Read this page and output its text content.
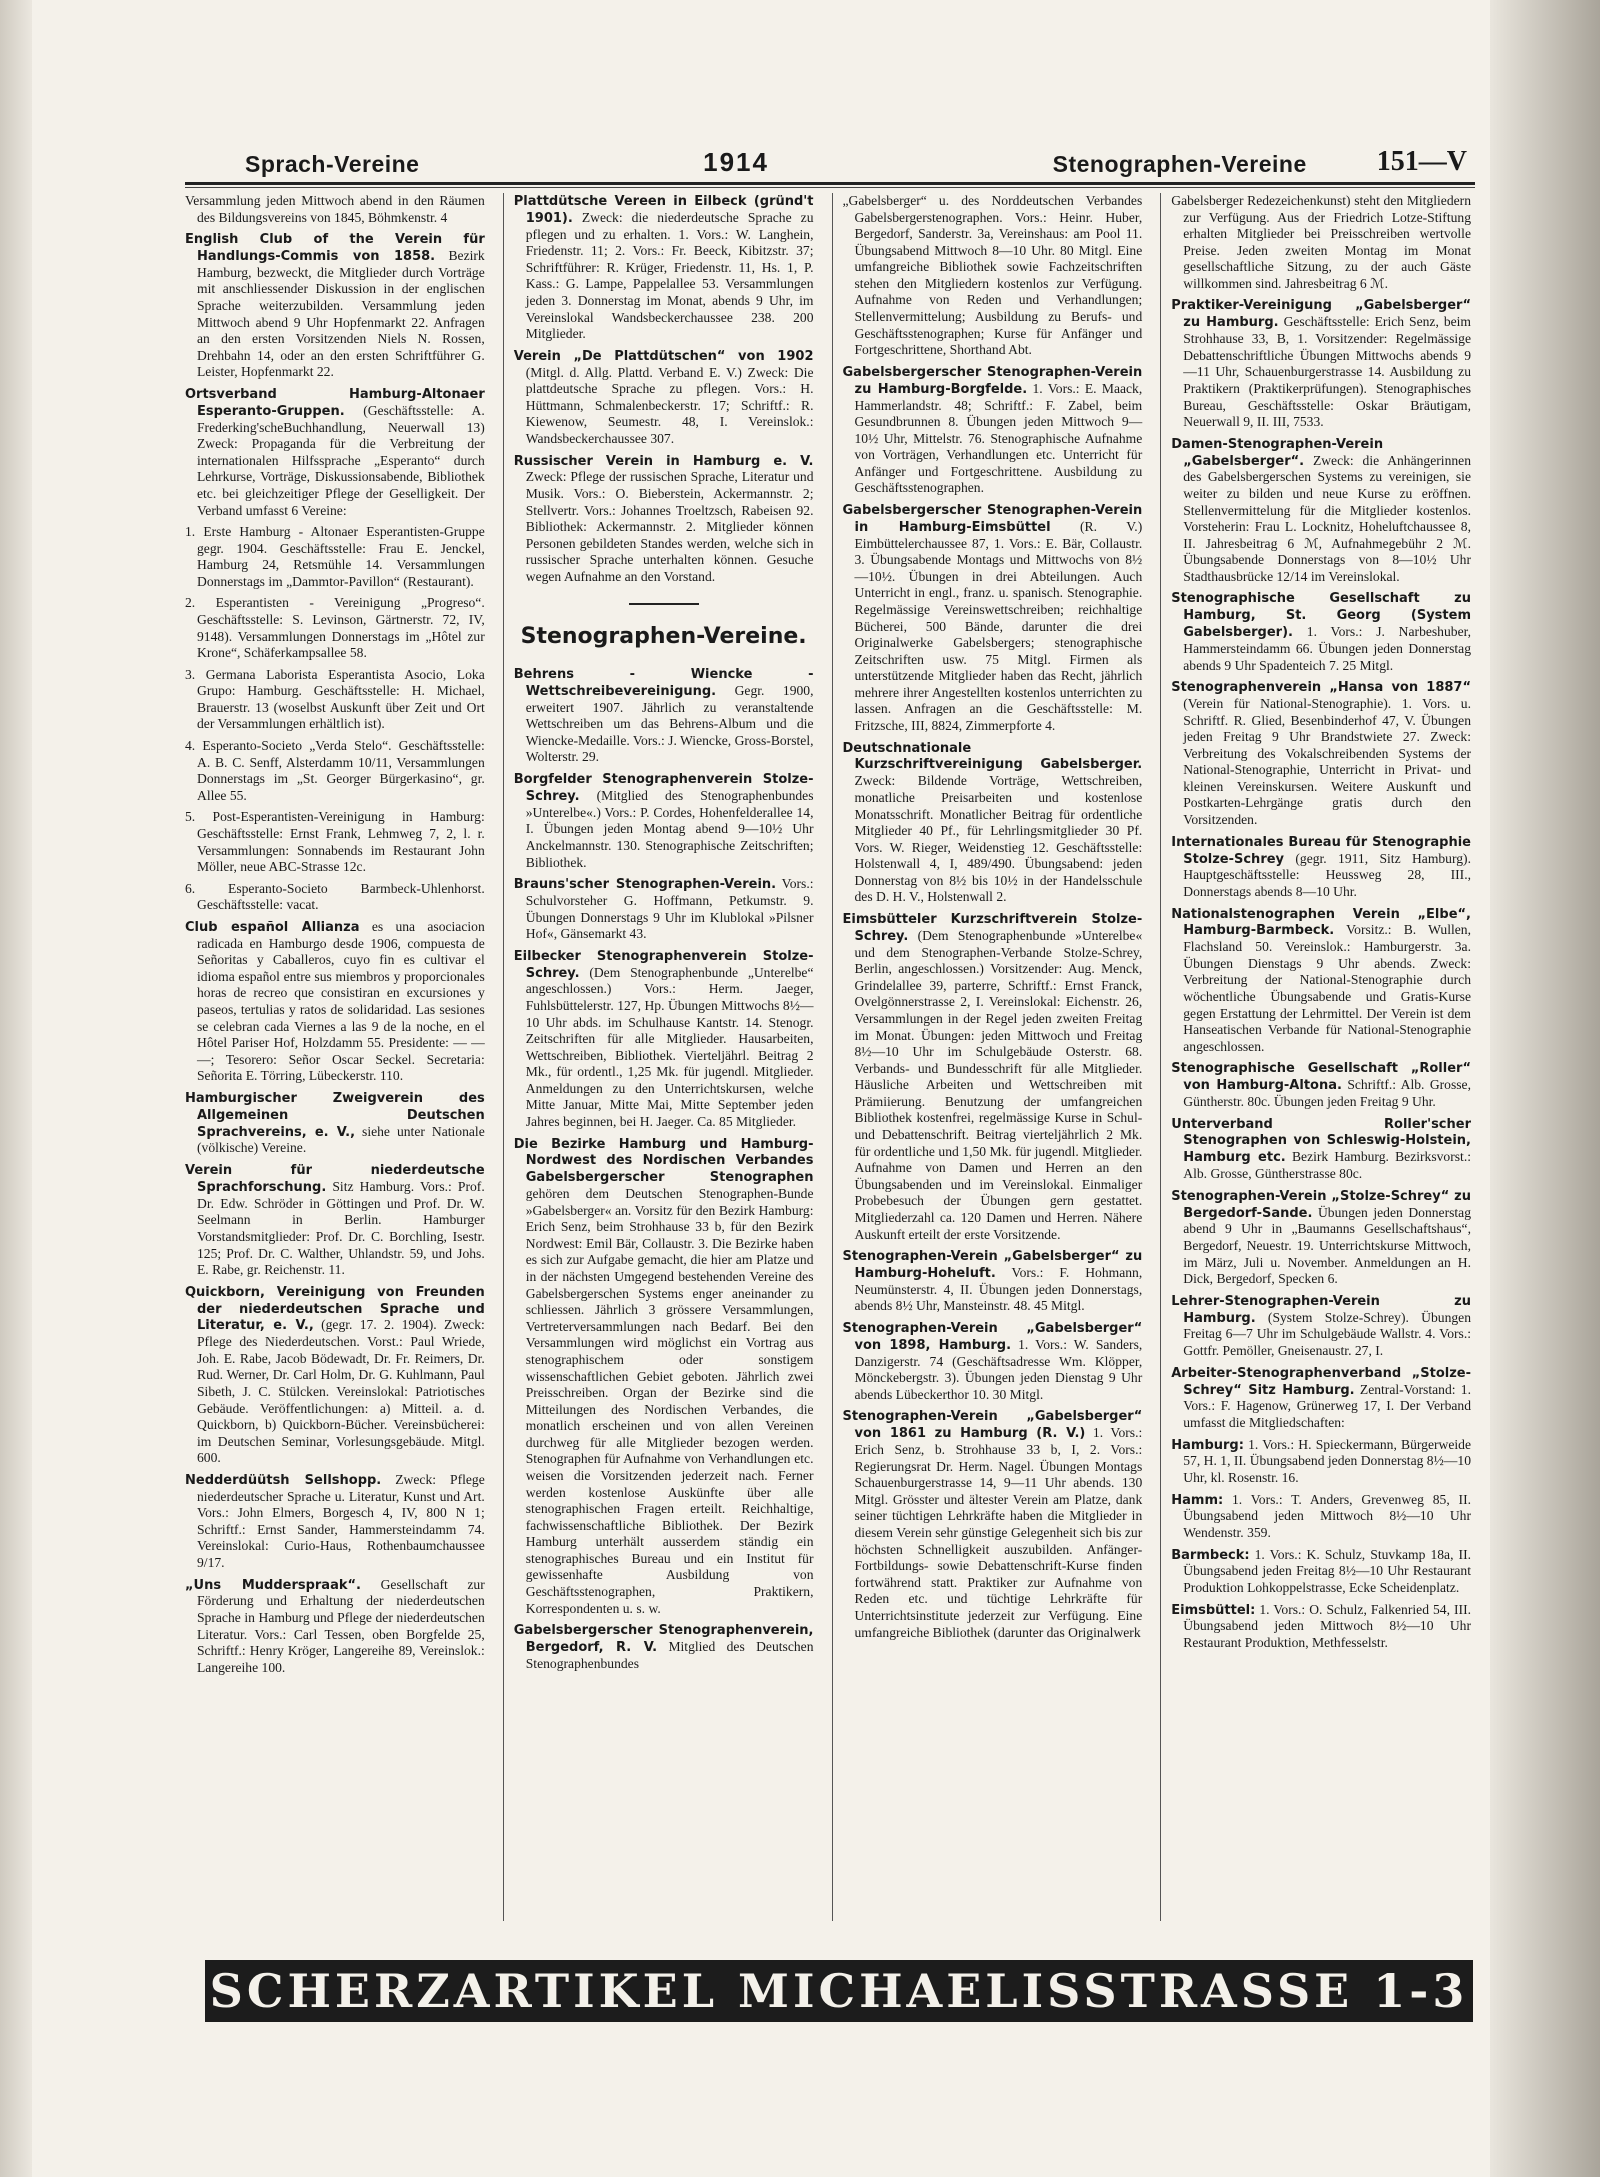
Sprach-Vereine	1914	Stenographen-Vereine	151—V
Versammlung jeden Mittwoch abend in den Räumen des Bildungsvereins von 1845, Böhmkenstr. 4
English Club of the Verein für Handlungs-Commis von 1858. Bezirk Hamburg, bezweckt, die Mitglieder durch Vorträge mit anschliessender Diskussion in der englischen Sprache weiterzubilden. Versammlung jeden Mittwoch abend 9 Uhr Hopfenmarkt 22. Anfragen an den ersten Vorsitzenden Niels N. Rossen, Drehbahn 14, oder an den ersten Schriftführer G. Leister, Hopfenmarkt 22.
Ortsverband Hamburg-Altonaer Esperanto-Gruppen. (Geschäftsstelle: A. Frederking'scheBuchhandlung, Neuerwall 13) Zweck: Propaganda für die Verbreitung der internationalen Hilfssprache „Esperanto“ durch Lehrkurse, Vorträge, Diskussionsabende, Bibliothek etc. bei gleichzeitiger Pflege der Geselligkeit. Der Verband umfasst 6 Vereine:
1. Erste Hamburg - Altonaer Esperantisten-Gruppe gegr. 1904. Geschäftsstelle: Frau E. Jenckel, Hamburg 24, Retsmühle 14. Versammlungen Donnerstags im „Dammtor-Pavillon“ (Restaurant).
2. Esperantisten - Vereinigung „Progreso“. Geschäftsstelle: S. Levinson, Gärtnerstr. 72, IV, 9148). Versammlungen Donnerstags im „Hôtel zur Krone“, Schäferkampsallee 58.
3. Germana Laborista Esperantista Asocio, Loka Grupo: Hamburg. Geschäftsstelle: H. Michael, Brauerstr. 13 (woselbst Auskunft über Zeit und Ort der Versammlungen erhältlich ist).
4. Esperanto-Societo „Verda Stelo“. Geschäftsstelle: A. B. C. Senff, Alsterdamm 10/11, Versammlungen Donnerstags im „St. Georger Bürgerkasino“, gr. Allee 55.
5. Post-Esperantisten-Vereinigung in Hamburg: Geschäftsstelle: Ernst Frank, Lehmweg 7, 2, l. r. Versammlungen: Sonnabends im Restaurant John Möller, neue ABC-Strasse 12c.
6. Esperanto-Societo Barmbeck-Uhlenhorst. Geschäftsstelle: vacat.
Club español Allianza es una asociacion radicada en Hamburgo desde 1906, compuesta de Señoritas y Caballeros, cuyo fin es cultivar el idioma español entre sus miembros y proporcionales horas de recreo que consistiran en excursiones y paseos, tertulias y ratos de solidaridad. Las sesiones se celebran cada Viernes a las 9 de la noche, en el Hôtel Pariser Hof, Holzdamm 55. Presidente: — — —; Tesorero: Señor Oscar Seckel. Secretaria: Señorita E. Törring, Lübeckerstr. 110.
Hamburgischer Zweigverein des Allgemeinen Deutschen Sprachvereins, e. V., siehe unter Nationale (völkische) Vereine.
Verein für niederdeutsche Sprachforschung. Sitz Hamburg. Vors.: Prof. Dr. Edw. Schröder in Göttingen und Prof. Dr. W. Seelmann in Berlin. Hamburger Vorstandsmitglieder: Prof. Dr. C. Borchling, Isestr. 125; Prof. Dr. C. Walther, Uhlandstr. 59, und Johs. E. Rabe, gr. Reichenstr. 11.
Quickborn, Vereinigung von Freunden der niederdeutschen Sprache und Literatur, e. V., (gegr. 17. 2. 1904). Zweck: Pflege des Niederdeutschen. Vorst.: Paul Wriede, Joh. E. Rabe, Jacob Bödewadt, Dr. Fr. Reimers, Dr. Rud. Werner, Dr. Carl Holm, Dr. G. Kuhlmann, Paul Sibeth, J. C. Stülcken. Vereinslokal: Patriotisches Gebäude. Veröffentlichungen: a) Mitteil. a. d. Quickborn, b) Quickborn-Bücher. Vereinsbücherei: im Deutschen Seminar, Vorlesungsgebäude. Mitgl. 600.
Nedderdüütsh Sellshopp. Zweck: Pflege niederdeutscher Sprache u. Literatur, Kunst und Art. Vors.: John Elmers, Borgesch 4, IV, 800 N 1; Schriftf.: Ernst Sander, Hammersteindamm 74. Vereinslokal: Curio-Haus, Rothenbaumchaussee 9/17.
„Uns Mudderspraak“. Gesellschaft zur Förderung und Erhaltung der niederdeutschen Sprache in Hamburg und Pflege der niederdeutschen Literatur. Vors.: Carl Tessen, oben Borgfelde 25, Schriftf.: Henry Kröger, Langereihe 89, Vereinslok.: Langereihe 100.
Plattdütsche Vereen in Eilbeck (gründ't 1901). Zweck: die niederdeutsche Sprache zu pflegen und zu erhalten. 1. Vors.: W. Langhein, Friedenstr. 11; 2. Vors.: Fr. Beeck, Kibitzstr. 37; Schriftführer: R. Krüger, Friedenstr. 11, Hs. 1, P. Kass.: G. Lampe, Pappelallee 53. Versammlungen jeden 3. Donnerstag im Monat, abends 9 Uhr, im Vereinslokal Wandsbeckerchaussee 238. 200 Mitglieder.
Verein „De Plattdütschen“ von 1902 (Mitgl. d. Allg. Plattd. Verband E. V.) Zweck: Die plattdeutsche Sprache zu pflegen. Vors.: H. Hüttmann, Schmalenbeckerstr. 17; Schriftf.: R. Kiewenow, Seumestr. 48, I. Vereinslok.: Wandsbeckerchaussee 307.
Russischer Verein in Hamburg e. V. Zweck: Pflege der russischen Sprache, Literatur und Musik. Vors.: O. Bieberstein, Ackermannstr. 2; Stellvertr. Vors.: Johannes Troeltzsch, Rabeisen 92. Bibliothek: Ackermannstr. 2. Mitglieder können Personen gebildeten Standes werden, welche sich in russischer Sprache unterhalten können. Gesuche wegen Aufnahme an den Vorstand.
Stenographen-Vereine.
Behrens - Wiencke - Wettschreibevereinigung. Gegr. 1900, erweitert 1907. Jährlich zu veranstaltende Wettschreiben um das Behrens-Album und die Wiencke-Medaille. Vors.: J. Wiencke, Gross-Borstel, Wolterstr. 29.
Borgfelder Stenographenverein Stolze-Schrey. (Mitglied des Stenographenbundes »Unterelbe«.) Vors.: P. Cordes, Hohenfelderallee 14, I. Übungen jeden Montag abend 9—10½ Uhr Anckelmannstr. 130. Stenographische Zeitschriften; Bibliothek.
Brauns'scher Stenographen-Verein. Vors.: Schulvorsteher G. Hoffmann, Petkumstr. 9. Übungen Donnerstags 9 Uhr im Klublokal »Pilsner Hof«, Gänsemarkt 43.
Eilbecker Stenographenverein Stolze-Schrey. (Dem Stenographenbunde „Unterelbe“ angeschlossen.) Vors.: Herm. Jaeger, Fuhlsbüttelerstr. 127, Hp. Übungen Mittwochs 8½—10 Uhr abds. im Schulhause Kantstr. 14. Stenogr. Zeitschriften für alle Mitglieder. Hausarbeiten, Wettschreiben, Bibliothek. Vierteljährl. Beitrag 2 Mk., für ordentl., 1,25 Mk. für jugendl. Mitglieder. Anmeldungen zu den Unterrichtskursen, welche Mitte Januar, Mitte Mai, Mitte September jeden Jahres beginnen, bei H. Jaeger. Ca. 85 Mitglieder.
Die Bezirke Hamburg und Hamburg-Nordwest des Nordischen Verbandes Gabelsbergerscher Stenographen gehören dem Deutschen Stenographen-Bunde »Gabelsberger« an. Vorsitz für den Bezirk Hamburg: Erich Senz, beim Strohhause 33 b, für den Bezirk Nordwest: Emil Bär, Collaustr. 3. Die Bezirke haben es sich zur Aufgabe gemacht, die hier am Platze und in der nächsten Umgegend bestehenden Vereine des Gabelsbergerschen Systems enger aneinander zu schliessen. Jährlich 3 grössere Versammlungen, Vertreterversammlungen nach Bedarf. Bei den Versammlungen wird möglichst ein Vortrag aus stenographischem oder sonstigem wissenschaftlichen Gebiet geboten. Jährlich zwei Preisschreiben. Organ der Bezirke sind die Mitteilungen des Nordischen Verbandes, die monatlich erscheinen und von allen Vereinen durchweg für alle Mitglieder bezogen werden. Stenographen für Aufnahme von Verhandlungen etc. weisen die Vorsitzenden jederzeit nach. Ferner werden kostenlose Auskünfte über alle stenographischen Fragen erteilt. Reichhaltige, fachwissenschaftliche Bibliothek. Der Bezirk Hamburg unterhält ausserdem ständig ein stenographisches Bureau und ein Institut für gewissenhafte Ausbildung von Geschäftsstenographen, Praktikern, Korrespondenten u. s. w.
Gabelsbergerscher Stenographenverein, Bergedorf, R. V. Mitglied des Deutschen Stenographenbundes
„Gabelsberger“ u. des Norddeutschen Verbandes Gabelsbergerstenographen. Vors.: Heinr. Huber, Bergedorf, Sanderstr. 3a, Vereinshaus: am Pool 11. Übungsabend Mittwoch 8—10 Uhr. 80 Mitgl. Eine umfangreiche Bibliothek sowie Fachzeitschriften stehen den Mitgliedern kostenlos zur Verfügung. Aufnahme von Reden und Verhandlungen; Stellenvermittelung; Ausbildung zu Berufs- und Geschäftsstenographen; Kurse für Anfänger und Fortgeschrittene, Shorthand Abt.
Gabelsbergerscher Stenographen-Verein zu Hamburg-Borgfelde. 1. Vors.: E. Maack, Hammerlandstr. 48; Schriftf.: F. Zabel, beim Gesundbrunnen 8. Übungen jeden Mittwoch 9—10½ Uhr, Mittelstr. 76. Stenographische Aufnahme von Vorträgen, Verhandlungen etc. Unterricht für Anfänger und Fortgeschrittene. Ausbildung zu Geschäftsstenographen.
Gabelsbergerscher Stenographen-Verein in Hamburg-Eimsbüttel (R. V.) Eimbüttelerchaussee 87, 1. Vors.: E. Bär, Collaustr. 3. Übungsabende Montags und Mittwochs von 8½—10½. Übungen in drei Abteilungen. Auch Unterricht in engl., franz. u. spanisch. Stenographie. Regelmässige Vereinswettschreiben; reichhaltige Bücherei, 500 Bände, darunter die drei Originalwerke Gabelsbergers; stenographische Zeitschriften usw. 75 Mitgl. Firmen als unterstützende Mitglieder haben das Recht, jährlich mehrere ihrer Angestellten kostenlos unterrichten zu lassen. Anfragen an die Geschäftsstelle: M. Fritzsche, III, 8824, Zimmerpforte 4.
Deutschnationale Kurzschriftvereinigung Gabelsberger. Zweck: Bildende Vorträge, Wettschreiben, monatliche Preisarbeiten und kostenlose Monatsschrift. Monatlicher Beitrag für ordentliche Mitglieder 40 Pf., für Lehrlingsmitglieder 30 Pf. Vors. W. Rieger, Weidenstieg 12. Geschäftsstelle: Holstenwall 4, I, 489/490. Übungsabend: jeden Donnerstag von 8½ bis 10½ in der Handelsschule des D. H. V., Holstenwall 2.
Eimsbütteler Kurzschriftverein Stolze-Schrey. (Dem Stenographenbunde »Unterelbe« und dem Stenographen-Verbande Stolze-Schrey, Berlin, angeschlossen.) Vorsitzender: Aug. Menck, Grindelallee 39, parterre, Schriftf.: Ernst Franck, Ovelgönnerstrasse 2, I. Vereinslokal: Eichenstr. 26, Versammlungen in der Regel jeden zweiten Freitag im Monat. Übungen: jeden Mittwoch und Freitag 8½—10 Uhr im Schulgebäude Osterstr. 68. Verbands- und Bundesschrift für alle Mitglieder. Häusliche Arbeiten und Wettschreiben mit Prämiierung. Benutzung der umfangreichen Bibliothek kostenfrei, regelmässige Kurse in Schul- und Debattenschrift. Beitrag vierteljährlich 2 Mk. für ordentliche und 1,50 Mk. für jugendl. Mitglieder. Aufnahme von Damen und Herren an den Übungsabenden und im Vereinslokal. Einmaliger Probebesuch der Übungen gern gestattet. Mitgliederzahl ca. 120 Damen und Herren. Nähere Auskunft erteilt der erste Vorsitzende.
Stenographen-Verein „Gabelsberger“ zu Hamburg-Hoheluft. Vors.: F. Hohmann, Neumünsterstr. 4, II. Übungen jeden Donnerstags, abends 8½ Uhr, Mansteinstr. 48. 45 Mitgl.
Stenographen-Verein „Gabelsberger“ von 1898, Hamburg. 1. Vors.: W. Sanders, Danzigerstr. 74 (Geschäftsadresse Wm. Klöpper, Mönckebergstr. 3). Übungen jeden Dienstag 9 Uhr abends Lübeckerthor 10. 30 Mitgl.
Stenographen-Verein „Gabelsberger“ von 1861 zu Hamburg (R. V.) 1. Vors.: Erich Senz, b. Strohhause 33 b, I, 2. Vors.: Regierungsrat Dr. Herm. Nagel. Übungen Montags Schauenburgerstrasse 14, 9—11 Uhr abends. 130 Mitgl. Grösster und ältester Verein am Platze, dank seiner tüchtigen Lehrkräfte haben die Mitglieder in diesem Verein sehr günstige Gelegenheit sich bis zur höchsten Schnelligkeit auszubilden. Anfänger-Fortbildungs- sowie Debattenschrift-Kurse finden fortwährend statt. Praktiker zur Aufnahme von Reden etc. und tüchtige Lehrkräfte für Unterrichtsinstitute jederzeit zur Verfügung. Eine umfangreiche Bibliothek (darunter das Originalwerk
Gabelsberger Redezeichenkunst) steht den Mitgliedern zur Verfügung. Aus der Friedrich Lotze-Stiftung erhalten Mitglieder bei Preisschreiben wertvolle Preise. Jeden zweiten Montag im Monat gesellschaftliche Sitzung, zu der auch Gäste willkommen sind. Jahresbeitrag 6 ℳ.
Praktiker-Vereinigung „Gabelsberger“ zu Hamburg. Geschäftsstelle: Erich Senz, beim Strohhause 33, B, 1. Vorsitzender: Regelmässige Debattenschriftliche Übungen Mittwochs abends 9—11 Uhr, Schauenburgerstrasse 14. Ausbildung zu Praktikern (Praktikerprüfungen). Stenographisches Bureau, Geschäftsstelle: Oskar Bräutigam, Neuerwall 9, II. III, 7533.
Damen-Stenographen-Verein „Gabelsberger“. Zweck: die Anhängerinnen des Gabelsbergerschen Systems zu vereinigen, sie weiter zu bilden und neue Kurse zu eröffnen. Stellenvermittelung für die Mitglieder kostenlos. Vorsteherin: Frau L. Locknitz, Hoheluftchaussee 8, II. Jahresbeitrag 6 ℳ, Aufnahmegebühr 2 ℳ. Übungsabende Donnerstags von 8—10½ Uhr Stadthausbrücke 12/14 im Vereinslokal.
Stenographische Gesellschaft zu Hamburg, St. Georg (System Gabelsberger). 1. Vors.: J. Narbeshuber, Hammersteindamm 66. Übungen jeden Donnerstag abends 9 Uhr Spadenteich 7. 25 Mitgl.
Stenographenverein „Hansa von 1887“ (Verein für National-Stenographie). 1. Vors. u. Schriftf. R. Glied, Besenbinderhof 47, V. Übungen jeden Freitag 9 Uhr Brandstwiete 27. Zweck: Verbreitung des Vokalschreibenden Systems der National-Stenographie, Unterricht in Privat- und kleinen Vereinskursen. Weitere Auskunft und Postkarten-Lehrgänge gratis durch den Vorsitzenden.
Internationales Bureau für Stenographie Stolze-Schrey (gegr. 1911, Sitz Hamburg). Hauptgeschäftsstelle: Heussweg 28, III., Donnerstags abends 8—10 Uhr.
Nationalstenographen Verein „Elbe“, Hamburg-Barmbeck. Vorsitz.: B. Wullen, Flachsland 50. Vereinslok.: Hamburgerstr. 3a. Übungen Dienstags 9 Uhr abends. Zweck: Verbreitung der National-Stenographie durch wöchentliche Übungsabende und Gratis-Kurse gegen Erstattung der Lehrmittel. Der Verein ist dem Hanseatischen Verbande für National-Stenographie angeschlossen.
Stenographische Gesellschaft „Roller“ von Hamburg-Altona. Schriftf.: Alb. Grosse, Güntherstr. 80c. Übungen jeden Freitag 9 Uhr.
Unterverband Roller'scher Stenographen von Schleswig-Holstein, Hamburg etc. Bezirk Hamburg. Bezirksvorst.: Alb. Grosse, Güntherstrasse 80c.
Stenographen-Verein „Stolze-Schrey“ zu Bergedorf-Sande. Übungen jeden Donnerstag abend 9 Uhr in „Baumanns Gesellschaftshaus“, Bergedorf, Neuestr. 19. Unterrichtskurse Mittwoch, im März, Juli u. November. Anmeldungen an H. Dick, Bergedorf, Specken 6.
Lehrer-Stenographen-Verein zu Hamburg. (System Stolze-Schrey). Übungen Freitag 6—7 Uhr im Schulgebäude Wallstr. 4. Vors.: Gottfr. Pemöller, Gneisenaustr. 27, I.
Arbeiter-Stenographenverband „Stolze-Schrey“ Sitz Hamburg. Zentral-Vorstand: 1. Vors.: F. Hagenow, Grünerweg 17, I. Der Verband umfasst die Mitgliedschaften:
Hamburg: 1. Vors.: H. Spieckermann, Bürgerweide 57, H. 1, II. Übungsabend jeden Donnerstag 8½—10 Uhr, kl. Rosenstr. 16.
Hamm: 1. Vors.: T. Anders, Grevenweg 85, II. Übungsabend jeden Mittwoch 8½—10 Uhr Wendenstr. 359.
Barmbeck: 1. Vors.: K. Schulz, Stuvkamp 18a, II. Übungsabend jeden Freitag 8½—10 Uhr Restaurant Produktion Lohkoppelstrasse, Ecke Scheidenplatz.
Eimsbüttel: 1. Vors.: O. Schulz, Falkenried 54, III. Übungsabend jeden Mittwoch 8½—10 Uhr Restaurant Produktion, Methfesselstr.
SCHERZARTIKEL MICHAELISSTRASSE 1-3
